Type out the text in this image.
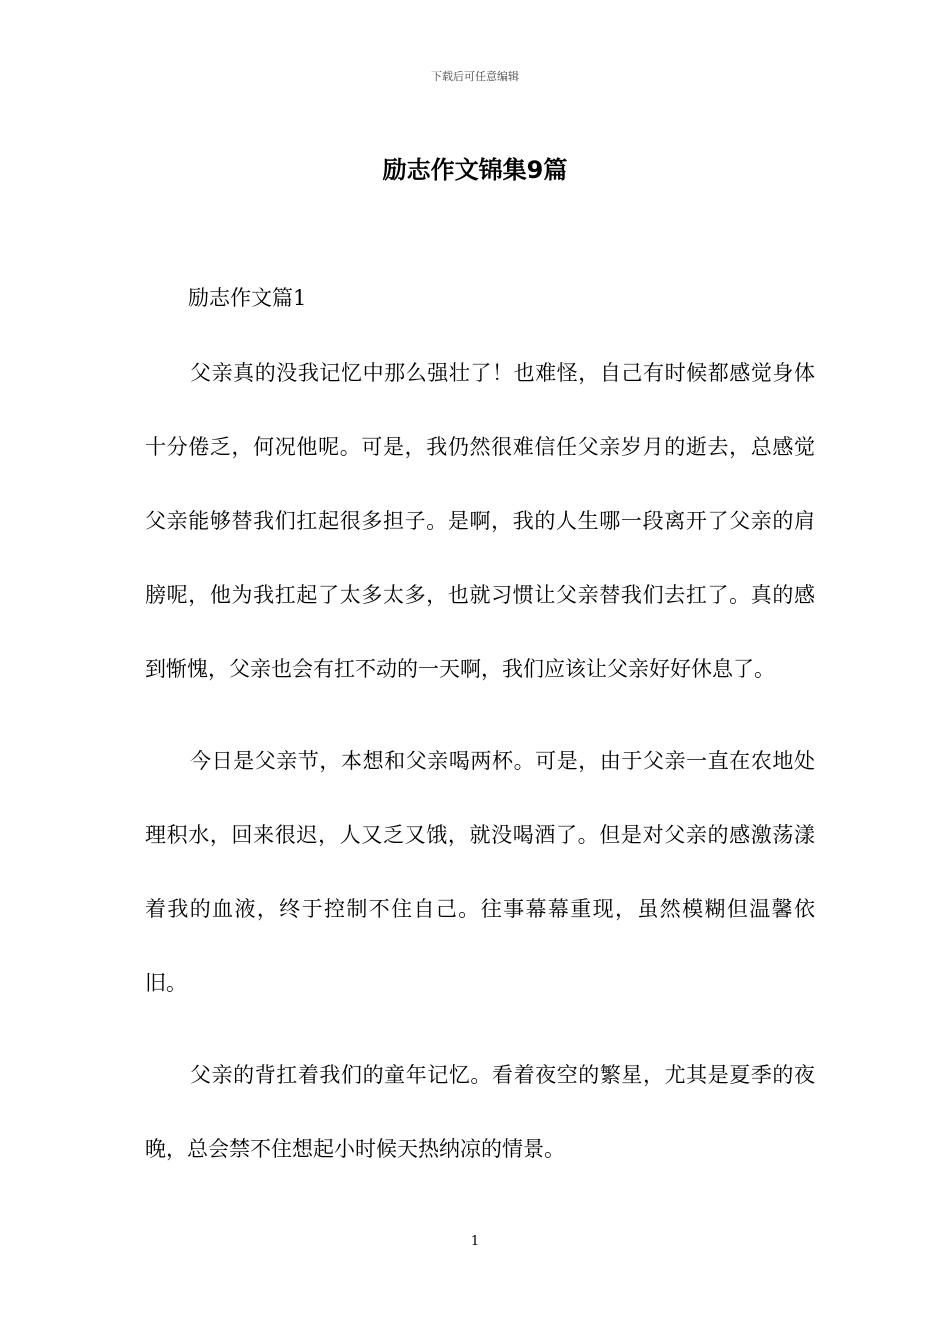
下载后可任意编辑
励志作文锦集9篇

励志作文篇1

父亲真的没我记忆中那么强壮了！也难怪，自己有时候都感觉身体十分倦乏，何况他呢。可是，我仍然很难信任父亲岁月的逝去，总感觉父亲能够替我们扛起很多担子。是啊，我的人生哪一段离开了父亲的肩膀呢，他为我扛起了太多太多，也就习惯让父亲替我们去扛了。真的感到惭愧，父亲也会有扛不动的一天啊，我们应该让父亲好好休息了。

今日是父亲节，本想和父亲喝两杯。可是，由于父亲一直在农地处理积水，回来很迟，人又乏又饿，就没喝酒了。但是对父亲的感激荡漾着我的血液，终于控制不住自己。往事幕幕重现，虽然模糊但温馨依旧。

父亲的背扛着我们的童年记忆。看着夜空的繁星，尤其是夏季的夜晚，总会禁不住想起小时候天热纳凉的情景。

1
